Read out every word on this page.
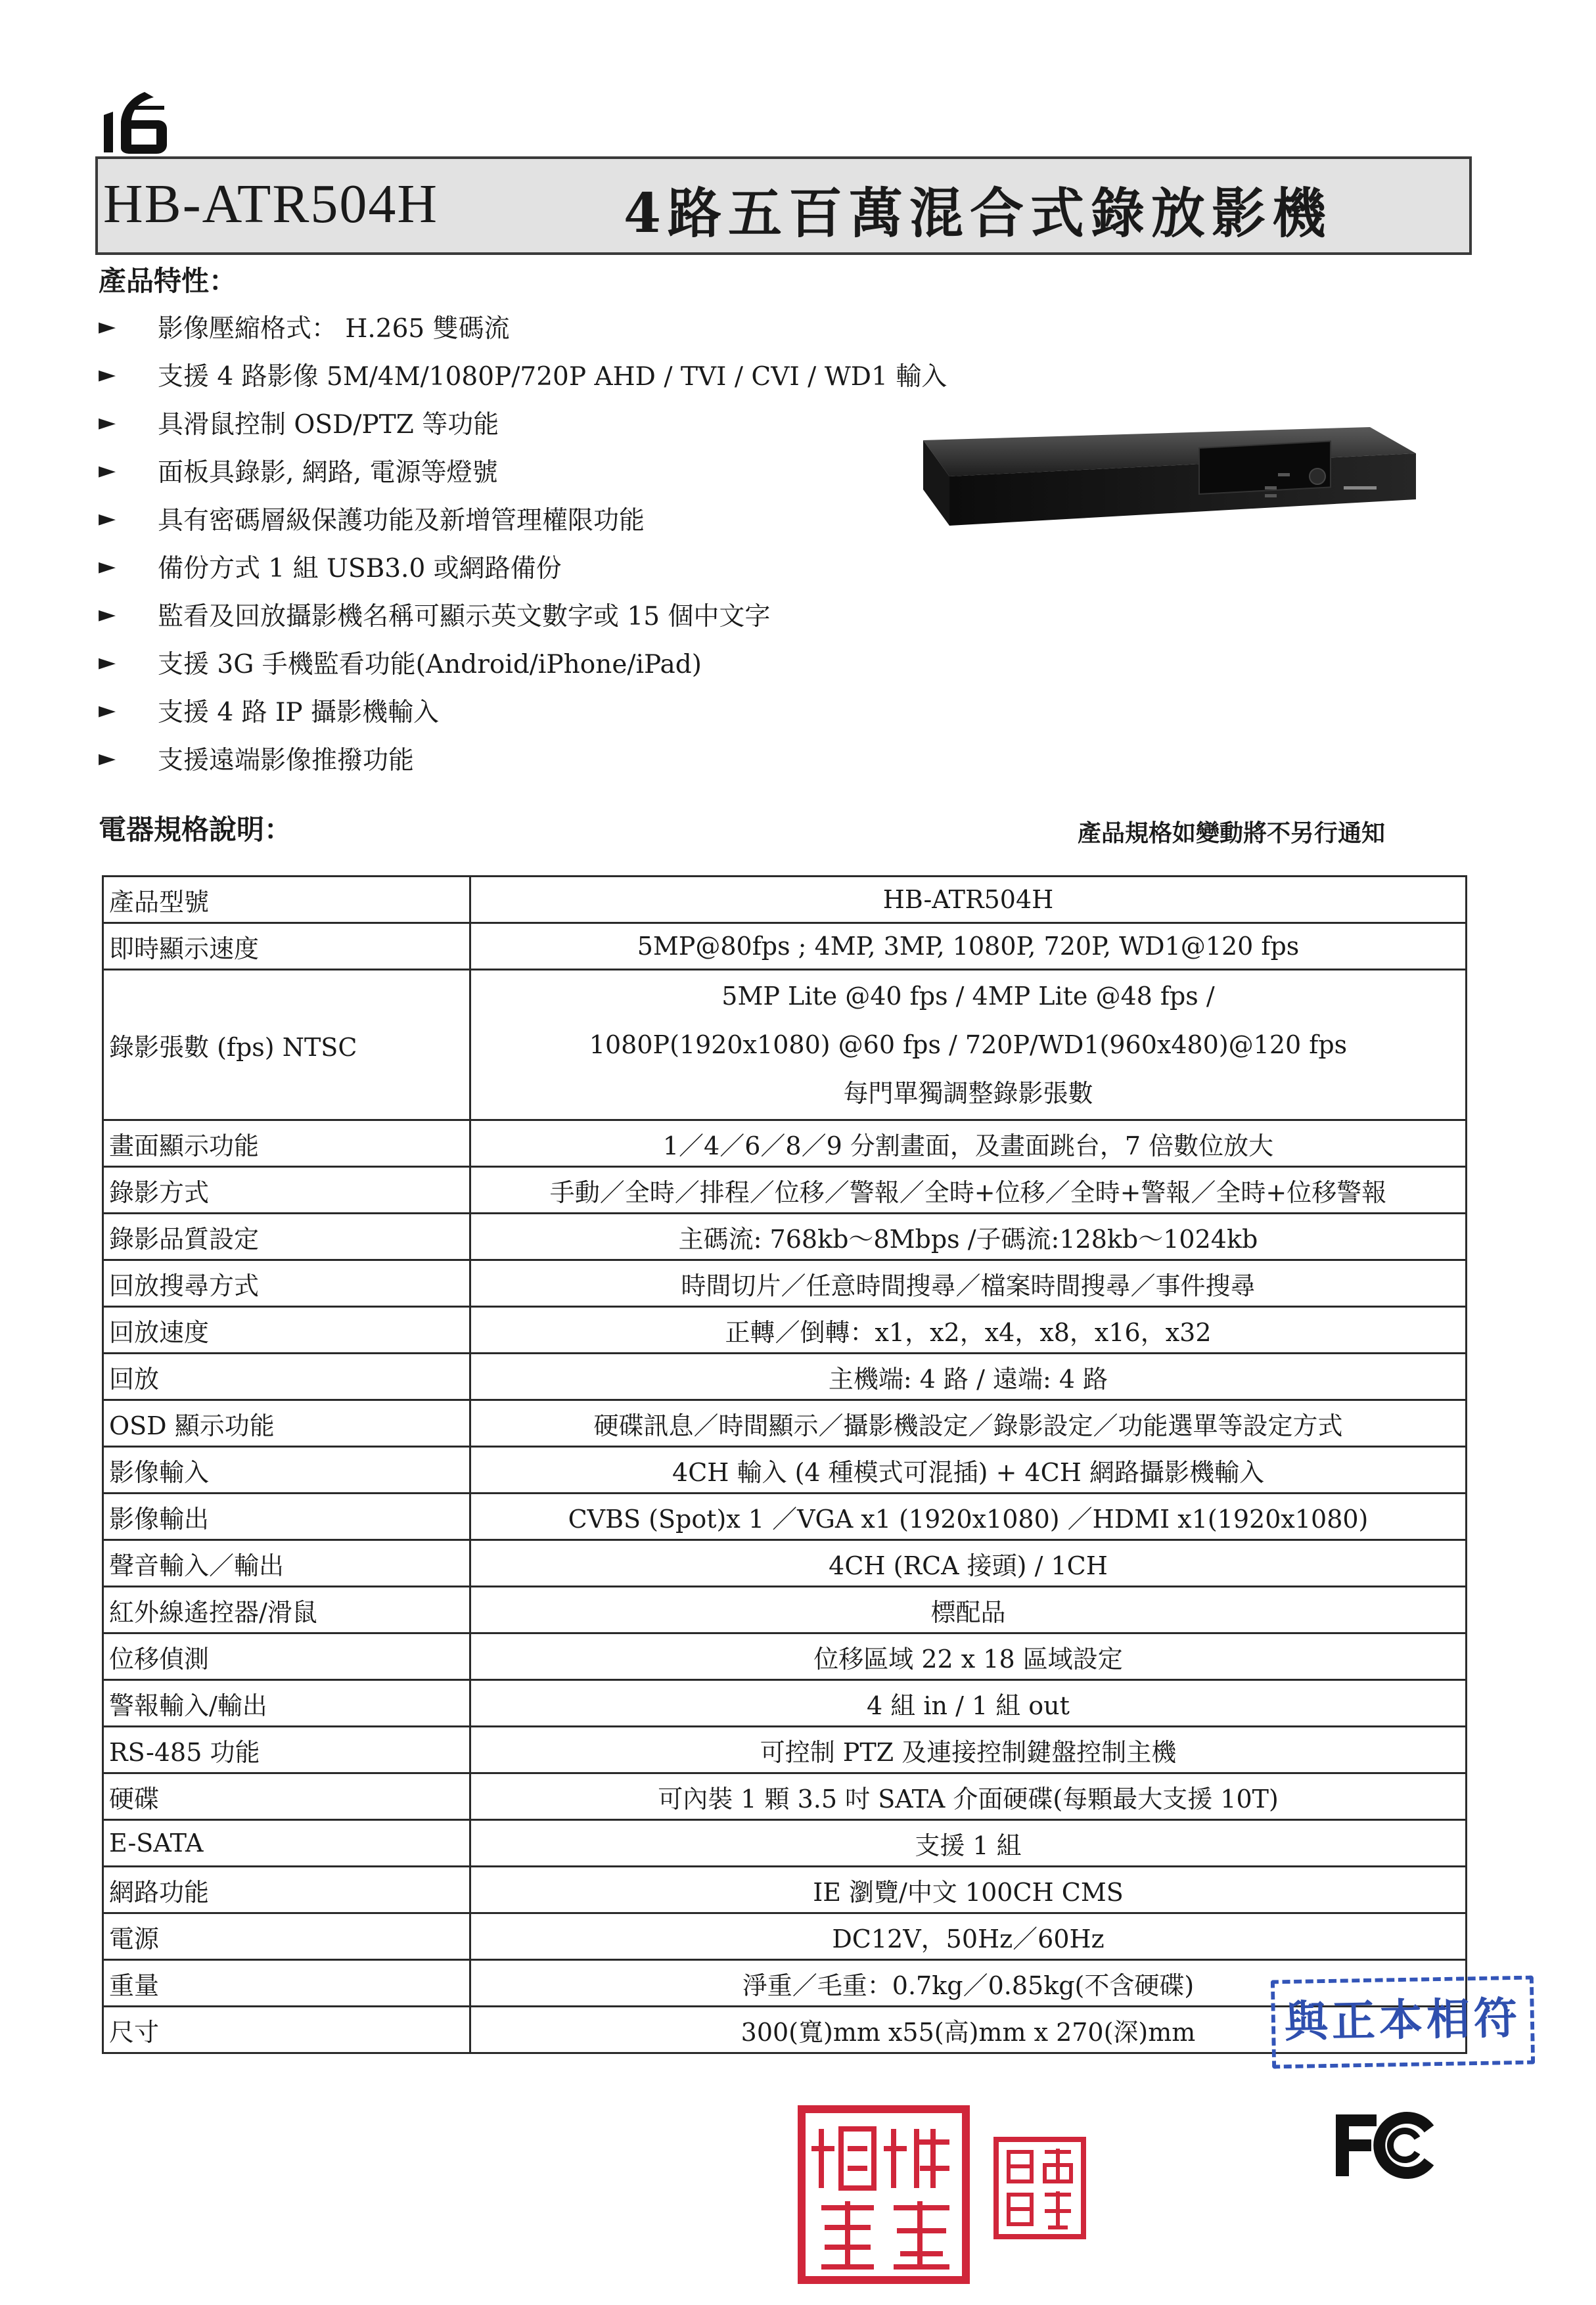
HB-ATR504H	4路五百萬混合式錄放影機
產品特性：
►	影像壓縮格式： H.265 雙碼流
►	支援 4 路影像 5M/4M/1080P/720P AHD / TVI / CVI / WD1 輸入
►	具滑鼠控制 OSD/PTZ 等功能
►	面板具錄影, 網路, 電源等燈號
►	具有密碼層級保護功能及新增管理權限功能
►	備份方式 1 組 USB3.0 或網路備份
►	監看及回放攝影機名稱可顯示英文數字或 15 個中文字
►	支援 3G 手機監看功能(Android/iPhone/iPad)
►	支援 4 路 IP 攝影機輸入
►	支援遠端影像推撥功能
電器規格說明：	產品規格如變動將不另行通知
產品型號	HB-ATR504H
即時顯示速度	5MP@80fps ; 4MP, 3MP, 1080P, 720P, WD1@120 fps
錄影張數 (fps) NTSC	5MP Lite @40 fps / 4MP Lite @48 fps /
1080P(1920x1080) @60 fps / 720P/WD1(960x480)@120 fps
每門單獨調整錄影張數

畫面顯示功能	1／4／6／8／9 分割畫面，及畫面跳台，7 倍數位放大
錄影方式	手動／全時／排程／位移／警報／全時+位移／全時+警報／全時+位移警報
錄影品質設定	主碼流: 768kb～8Mbps /子碼流:128kb～1024kb
回放搜尋方式	時間切片／任意時間搜尋／檔案時間搜尋／事件搜尋
回放速度	正轉／倒轉：x1，x2，x4，x8，x16，x32
回放	主機端: 4 路 / 遠端: 4 路
OSD 顯示功能	硬碟訊息／時間顯示／攝影機設定／錄影設定／功能選單等設定方式
影像輸入	4CH 輸入 (4 種模式可混插) + 4CH 網路攝影機輸入
影像輸出	CVBS (Spot)x 1 ／VGA x1 (1920x1080) ／HDMI x1(1920x1080)
聲音輸入／輸出	4CH (RCA 接頭) / 1CH
紅外線遙控器/滑鼠	標配品
位移偵測	位移區域 22 x 18 區域設定
警報輸入/輸出	4 組 in / 1 組 out
RS-485 功能	可控制 PTZ 及連接控制鍵盤控制主機
硬碟	可內裝 1 顆 3.5 吋 SATA 介面硬碟(每顆最大支援 10T)
E-SATA	支援 1 組
網路功能	IE 瀏覽/中文 100CH CMS
電源	DC12V，50Hz／60Hz
重量	淨重／毛重：0.7kg／0.85kg(不含硬碟)
尺寸	300(寬)mm x55(高)mm x 270(深)mm	與正本相符
